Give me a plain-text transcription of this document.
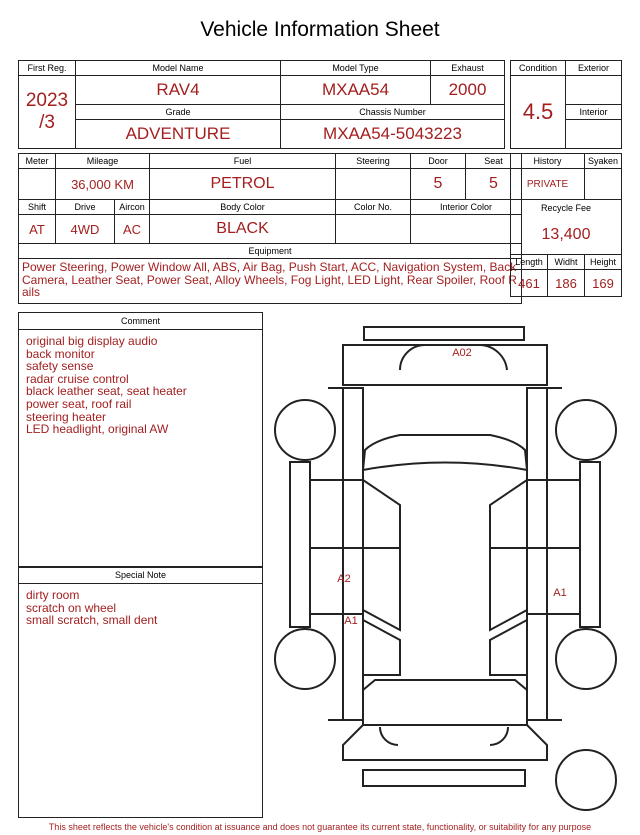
Vehicle Information Sheet
First Reg.	Model Name	Model Type	Exhaust

2023
/3	RAV4	MXAA54	2000
	Grade	Chassis Number	
	ADVENTURE	MXAA54-5043223	
Condition	Exterior
4.5	
	Interior

Meter	Mileage		Fuel	Steering	Door	Seat
	36,000 KM		PETROL		5	5
Shift	Drive	Aircon	Body Color	Color No.	Interior Color	
AT	4WD	AC	BLACK			
Equipment						
Power Steering, Power Window All, ABS, Air Bag, Push Start, ACC, Navigation System, Back Camera, Leather Seat, Power Seat, Alloy Wheels, Fog Light, LED Light, Rear Spoiler, Roof Rails						
History		Syaken
PRIVATE		
Recycle Fee		
13,400		
Length	Widht	Height
461	186	169
Comment
original big display audio
back monitor
safety sense
radar cruise control
black leather seat, seat heater
power seat, roof rail
steering heater
LED headlight, original AW
Special Note
dirty room
scratch on wheel
small scratch, small dent
A02
A2
A1
A1
This sheet reflects the vehicle's condition at issuance and does not guarantee its current state, functionality, or suitability for any purpose
